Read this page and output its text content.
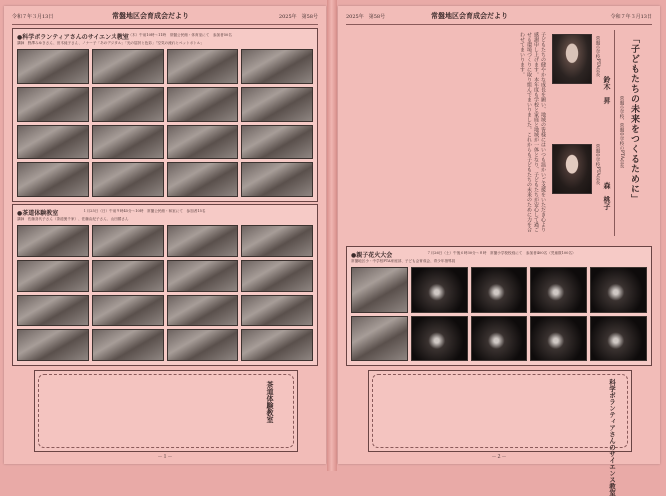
令和７年３月13日	常盤地区会育成会だより	2025年　第58号
●科学ボランティアさんのサイエンス教室
１月21日（木）午前10時～11時　常盤公民館・体育室にて　参加者50名
講師　野澤みゆきさん、田木純子さん、ノナー子「あのデジタル」「光の屈折と色彩」「空気の流れとペットボトル」
●茶道体験教室	１月25日（日）午前９時45分～10時　常盤公民館・和室にて　参加者15名
講師　佐藤喜代子さん（茶道裏千家）、佐藤由紀子さん、山田勝さん
茶道体験教室
－１－
2025年　第58号	常盤地区会育成会だより	令和７年３月13日
「子どもたちの未来をつくるために」
常盤小学校、常盤中学校のPTA会長
常盤小学校PTA会長
鈴木　昇
常盤中学校PTA会長
森　桃子
子どもたちの健やかな成長を願い、地域の皆様にはいつも温かいご支援をいただき心より感謝申し上げます。本年度も学校と家庭と地域が一体となり、子どもたちが安心して過ごせる環境づくりに取り組んでまいりました。これからも子どもたちの未来のために力を合わせてまいります。
●親子花火大会	７月26日（土）午後６時30分～８時　常盤小学校校庭にて　参加者400名（児童数100名）
常盤地区小・中学校PTA家庭部、子ども会育成会、青少年指導員
科学ボランティアさんのサイエンス教室
－２－
